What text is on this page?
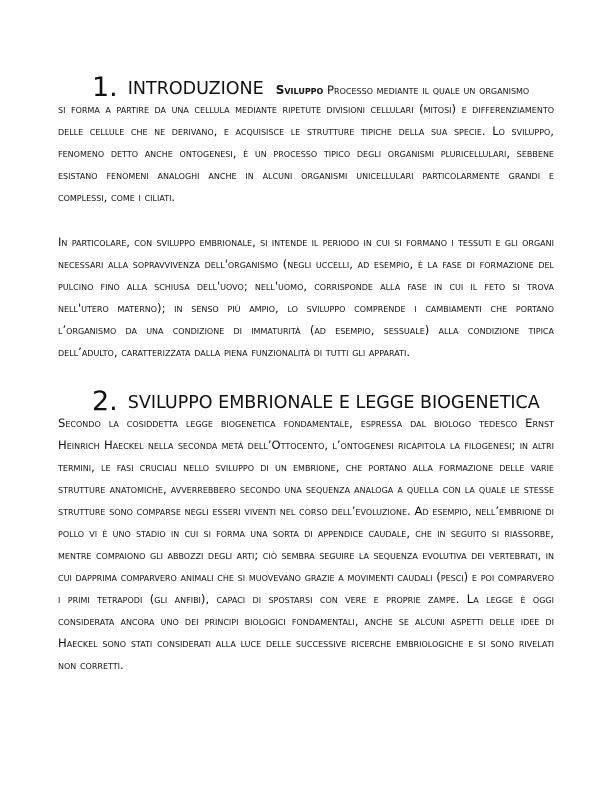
1. INTRODUZIONE Sviluppo Processo mediante il quale un organismo

si forma a partire da una cellula mediante ripetute divisioni cellulari (mitosi) e differenziamento delle cellule che ne derivano, e acquisisce le strutture tipiche della sua specie. Lo sviluppo, fenomeno detto anche ontogenesi, è un processo tipico degli organismi pluricellulari, sebbene esistano fenomeni analoghi anche in alcuni organismi unicellulari particolarmente grandi e complessi, come i ciliati.

In particolare, con sviluppo embrionale, si intende il periodo in cui si formano i tessuti e gli organi necessari alla sopravvivenza dell'organismo (negli uccelli, ad esempio, è la fase di formazione del pulcino fino alla schiusa dell'uovo; nell'uomo, corrisponde alla fase in cui il feto si trova nell'utero materno); in senso più ampio, lo sviluppo comprende i cambiamenti che portano l’organismo da una condizione di immaturità (ad esempio, sessuale) alla condizione tipica dell’adulto, caratterizzata dalla piena funzionalità di tutti gli apparati.

2. SVILUPPO EMBRIONALE E LEGGE BIOGENETICA

Secondo la cosiddetta legge biogenetica fondamentale, espressa dal biologo tedesco Ernst Heinrich Haeckel nella seconda metà dell’Ottocento, l’ontogenesi ricapitola la filogenesi; in altri termini, le fasi cruciali nello sviluppo di un embrione, che portano alla formazione delle varie strutture anatomiche, avverrebbero secondo una sequenza analoga a quella con la quale le stesse strutture sono comparse negli esseri viventi nel corso dell’evoluzione. Ad esempio, nell’embrione di pollo vi è uno stadio in cui si forma una sorta di appendice caudale, che in seguito si riassorbe, mentre compaiono gli abbozzi degli arti; ciò sembra seguire la sequenza evolutiva dei vertebrati, in cui dapprima comparvero animali che si muovevano grazie a movimenti caudali (pesci) e poi comparvero i primi tetrapodi (gli anfibi), capaci di spostarsi con vere e proprie zampe. La legge è oggi considerata ancora uno dei principi biologici fondamentali, anche se alcuni aspetti delle idee di Haeckel sono stati considerati alla luce delle successive ricerche embriologiche e si sono rivelati non corretti.
